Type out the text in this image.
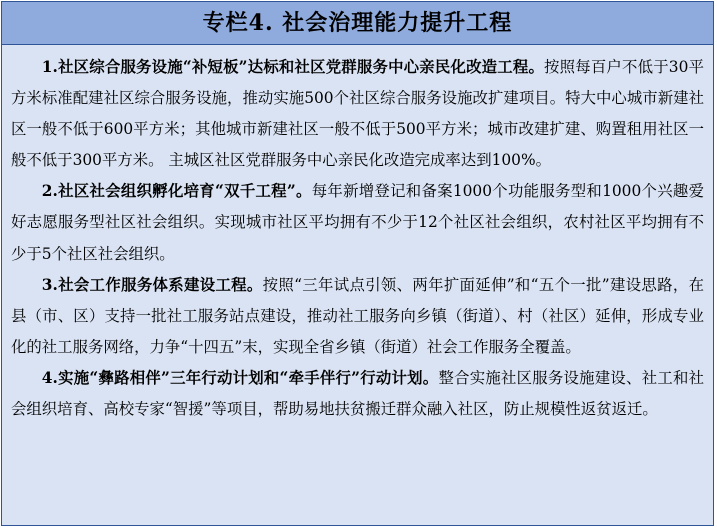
专栏4. 社会治理能力提升工程

1.社区综合服务设施“补短板”达标和社区党群服务中心亲民化改造工程。按照每百户不低于30平方米标准配建社区综合服务设施，推动实施500个社区综合服务设施改扩建项目。特大中心城市新建社区一般不低于600平方米；其他城市新建社区一般不低于500平方米；城市改建扩建、购置租用社区一般不低于300平方米。 主城区社区党群服务中心亲民化改造完成率达到100%。

2.社区社会组织孵化培育“双千工程”。每年新增登记和备案1000个功能服务型和1000个兴趣爱好志愿服务型社区社会组织。实现城市社区平均拥有不少于12个社区社会组织，农村社区平均拥有不少于5个社区社会组织。

3.社会工作服务体系建设工程。按照“三年试点引领、两年扩面延伸”和“五个一批”建设思路，在县（市、区）支持一批社工服务站点建设，推动社工服务向乡镇（街道）、村（社区）延伸，形成专业化的社工服务网络，力争“十四五”末，实现全省乡镇（街道）社会工作服务全覆盖。

4.实施“彝路相伴”三年行动计划和“牵手伴行”行动计划。整合实施社区服务设施建设、社工和社会组织培育、高校专家“智援”等项目，帮助易地扶贫搬迁群众融入社区，防止规模性返贫返迁。
